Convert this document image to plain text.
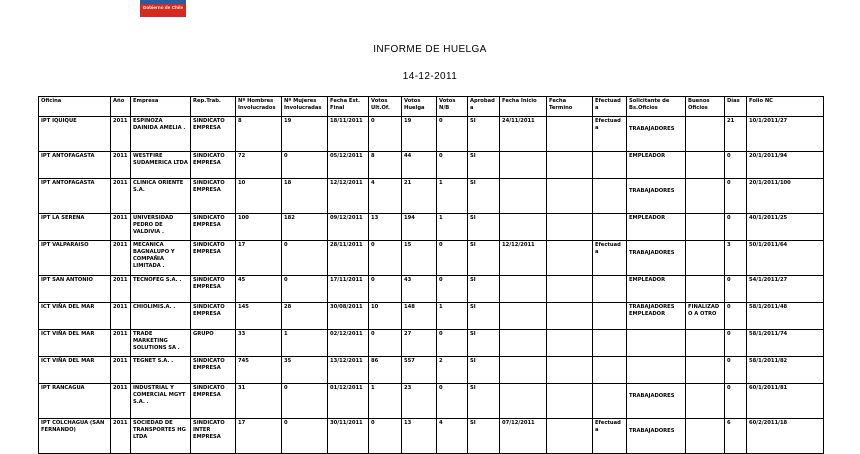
Gobierno de Chile
INFORME DE HUELGA
14-12-2011
Oficina	Año	Empresa	Rep.Trab.	Nº Hombres Involucrados	Nº Mujeres Involucradas	Fecha Est. Final	Votos Ult.Of.	Votos Huelga	Votos N/B	Aprobada	Fecha Inicio	Fecha Termino	Efectuada	Solicitante de Bs.Oficios	Buenos Oficios	Días	Folio NC
IPT IQUIQUE	2011	ESPINOZA DAINIDA AMELIA .	SINDICATO EMPRESA	8	19	18/11/2011	0	19	0	SI	24/11/2011		Efectuada	TRABAJADORES		21	10/1/2011/27
IPT ANTOFAGASTA	2011	WESTFIRE SUDAMERICA LTDA	SINDICATO EMPRESA	72	0	05/12/2011	8	44	0	SI				EMPLEADOR		0	20/1/2011/94
IPT ANTOFAGASTA	2011	CLINICA ORIENTE S.A.	SINDICATO EMPRESA	10	18	12/12/2011	4	21	1	SI				TRABAJADORES		0	20/1/2011/100
IPT LA SERENA	2011	UNIVERSIDAD PEDRO DE VALDIVIA .	SINDICATO EMPRESA	100	182	09/12/2011	13	194	1	SI				EMPLEADOR		0	40/1/2011/25
IPT VALPARAISO	2011	MECANICA BAGNALUPO Y COMPAÑIA LIMITADA .	SINDICATO EMPRESA	17	0	28/11/2011	0	15	0	SI	12/12/2011		Efectuada	TRABAJADORES		3	50/1/2011/64
IPT SAN ANTONIO	2011	TECNOFEG S.A. .	SINDICATO EMPRESA	45	0	17/11/2011	0	43	0	SI				EMPLEADOR		0	54/1/2011/27
ICT VIÑA DEL MAR	2011	CHIOLIMIS.A. .	SINDICATO EMPRESA	145	28	30/08/2011	10	148	1	SI				TRABAJADORES EMPLEADOR	FINALIZADO A OTRO	0	58/1/2011/48
ICT VIÑA DEL MAR	2011	TRADE MARKETING SOLUTIONS SA .	GRUPO	33	1	02/12/2011	0	27	0	SI						0	58/1/2011/74
ICT VIÑA DEL MAR	2011	TEGNET S.A. .	SINDICATO EMPRESA	745	35	13/12/2011	86	557	2	SI						0	58/1/2011/82
IPT RANCAGUA	2011	INDUSTRIAL Y COMERCIAL MGYT S.A. .	SINDICATO EMPRESA	31	0	01/12/2011	1	23	0	SI				TRABAJADORES		0	60/1/2011/81
IPT COLCHAGUA (SAN FERNANDO)	2011	SOCIEDAD DE TRANSPORTES HG LTDA	SINDICATO INTER EMPRESA	17	0	30/11/2011	0	13	4	SI	07/12/2011		Efectuada	TRABAJADORES		6	60/2/2011/18
